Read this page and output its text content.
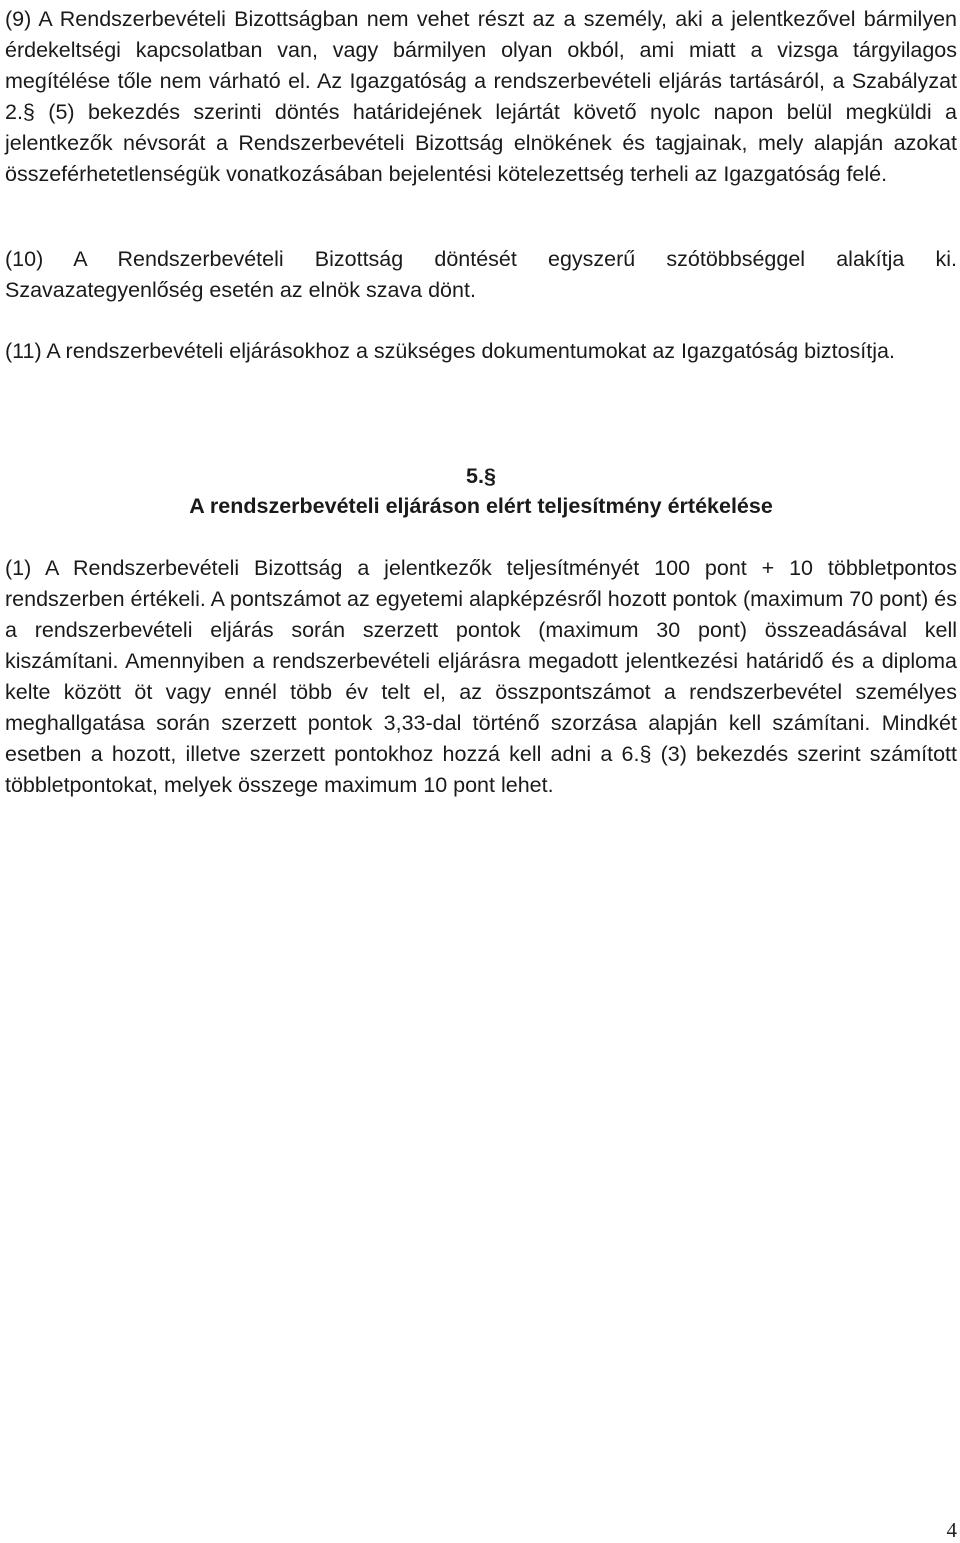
(9) A Rendszerbevételi Bizottságban nem vehet részt az a személy, aki a jelentkezővel bármilyen érdekeltségi kapcsolatban van, vagy bármilyen olyan okból, ami miatt a vizsga tárgyilagos megítélése tőle nem várható el. Az Igazgatóság a rendszerbevételi eljárás tartásáról, a Szabályzat 2.§ (5) bekezdés szerinti döntés határidejének lejártát követő nyolc napon belül megküldi a jelentkezők névsorát a Rendszerbevételi Bizottság elnökének és tagjainak, mely alapján azokat összeférhetetlenségük vonatkozásában bejelentési kötelezettség terheli az Igazgatóság felé.

(10) A Rendszerbevételi Bizottság döntését egyszerű szótöbbséggel alakítja ki. Szavazategyenlőség esetén az elnök szava dönt.

(11) A rendszerbevételi eljárásokhoz a szükséges dokumentumokat az Igazgatóság biztosítja.

5.§
A rendszerbevételi eljáráson elért teljesítmény értékelése

(1) A Rendszerbevételi Bizottság a jelentkezők teljesítményét 100 pont + 10 többletpontos rendszerben értékeli. A pontszámot az egyetemi alapképzésről hozott pontok (maximum 70 pont) és a rendszerbevételi eljárás során szerzett pontok (maximum 30 pont) összeadásával kell kiszámítani. Amennyiben a rendszerbevételi eljárásra megadott jelentkezési határidő és a diploma kelte között öt vagy ennél több év telt el, az összpontszámot a rendszerbevétel személyes meghallgatása során szerzett pontok 3,33-dal történő szorzása alapján kell számítani. Mindkét esetben a hozott, illetve szerzett pontokhoz hozzá kell adni a 6.§ (3) bekezdés szerint számított többletpontokat, melyek összege maximum 10 pont lehet.

4
